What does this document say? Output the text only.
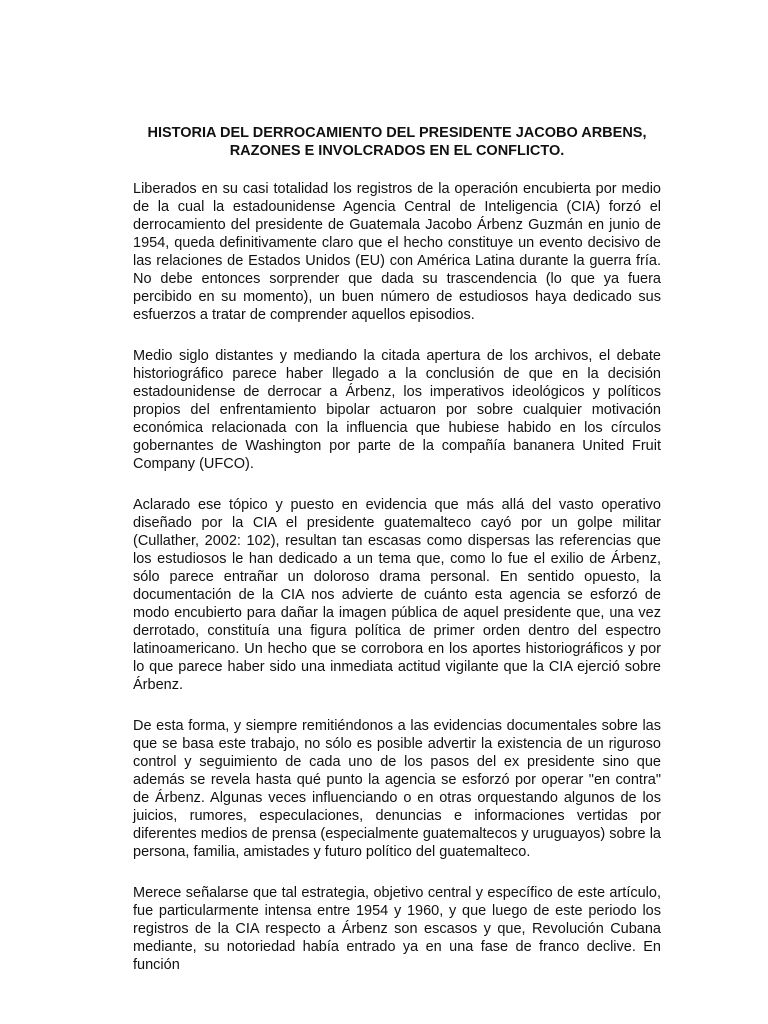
HISTORIA DEL DERROCAMIENTO DEL PRESIDENTE JACOBO ARBENS,
RAZONES E INVOLCRADOS EN EL CONFLICTO.

Liberados en su casi totalidad los registros de la operación encubierta por medio de la cual la estadounidense Agencia Central de Inteligencia (CIA) forzó el derrocamiento del presidente de Guatemala Jacobo Árbenz Guzmán en junio de 1954, queda definitivamente claro que el hecho constituye un evento decisivo de las relaciones de Estados Unidos (EU) con América Latina durante la guerra fría. No debe entonces sorprender que dada su trascendencia (lo que ya fuera percibido en su momento), un buen número de estudiosos haya dedicado sus esfuerzos a tratar de comprender aquellos episodios.

Medio siglo distantes y mediando la citada apertura de los archivos, el debate historiográfico parece haber llegado a la conclusión de que en la decisión estadounidense de derrocar a Árbenz, los imperativos ideológicos y políticos propios del enfrentamiento bipolar actuaron por sobre cualquier motivación económica relacionada con la influencia que hubiese habido en los círculos gobernantes de Washington por parte de la compañía bananera United Fruit Company (UFCO).

Aclarado ese tópico y puesto en evidencia que más allá del vasto operativo diseñado por la CIA el presidente guatemalteco cayó por un golpe militar (Cullather, 2002: 102), resultan tan escasas como dispersas las referencias que los estudiosos le han dedicado a un tema que, como lo fue el exilio de Árbenz, sólo parece entrañar un doloroso drama personal. En sentido opuesto, la documentación de la CIA nos advierte de cuánto esta agencia se esforzó de modo encubierto para dañar la imagen pública de aquel presidente que, una vez derrotado, constituía una figura política de primer orden dentro del espectro latinoamericano. Un hecho que se corrobora en los aportes historiográficos y por lo que parece haber sido una inmediata actitud vigilante que la CIA ejerció sobre Árbenz.

De esta forma, y siempre remitiéndonos a las evidencias documentales sobre las que se basa este trabajo, no sólo es posible advertir la existencia de un riguroso control y seguimiento de cada uno de los pasos del ex presidente sino que además se revela hasta qué punto la agencia se esforzó por operar "en contra" de Árbenz. Algunas veces influenciando o en otras orquestando algunos de los juicios, rumores, especulaciones, denuncias e informaciones vertidas por diferentes medios de prensa (especialmente guatemaltecos y uruguayos) sobre la persona, familia, amistades y futuro político del guatemalteco.

Merece señalarse que tal estrategia, objetivo central y específico de este artículo, fue particularmente intensa entre 1954 y 1960, y que luego de este periodo los registros de la CIA respecto a Árbenz son escasos y que, Revolución Cubana mediante, su notoriedad había entrado ya en una fase de franco declive. En función
